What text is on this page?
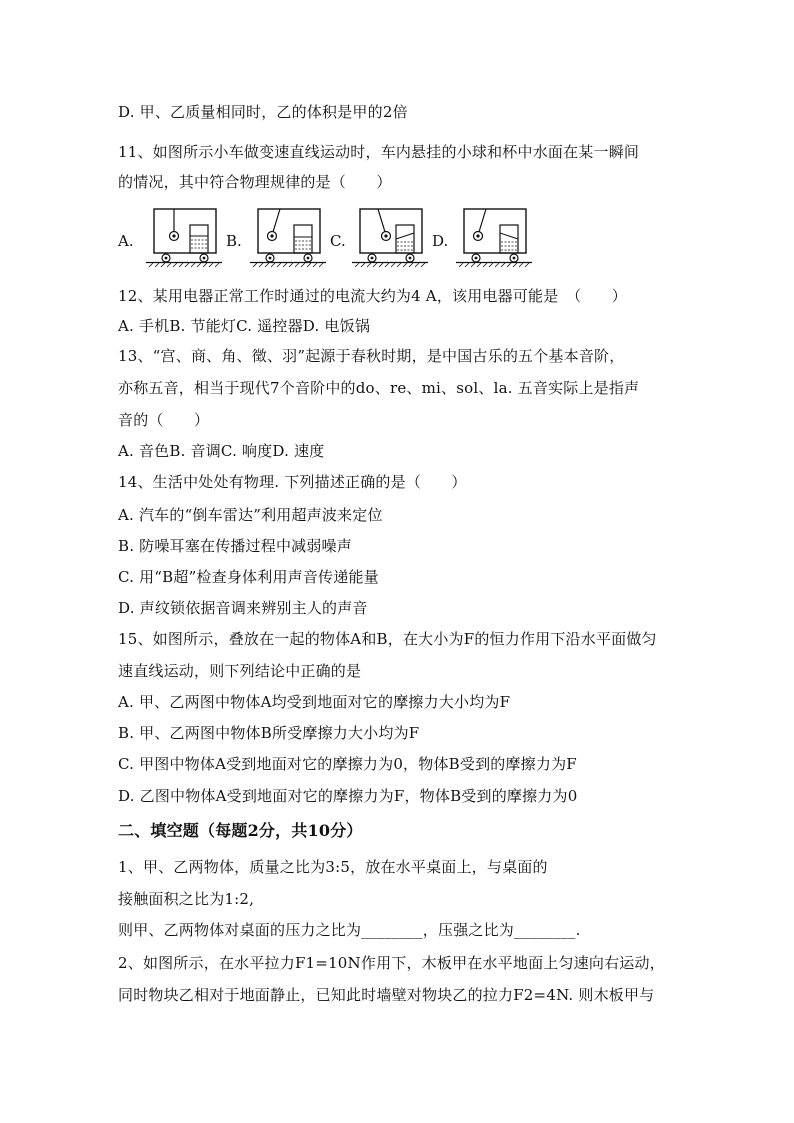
D. 甲、乙质量相同时，乙的体积是甲的2倍
11、如图所示小车做变速直线运动时，车内悬挂的小球和杯中水面在某一瞬间
的情况，其中符合物理规律的是（　　）
A.	B.	C.	D.
12、某用电器正常工作时通过的电流大约为4 A，该用电器可能是　（　　）
A. 手机B. 节能灯C. 遥控器D. 电饭锅
13、“宫、商、角、徵、羽”起源于春秋时期，是中国古乐的五个基本音阶，
亦称五音，相当于现代7个音阶中的do、re、mi、sol、la. 五音实际上是指声
音的（　　）
A. 音色B. 音调C. 响度D. 速度
14、生活中处处有物理. 下列描述正确的是（　　）
A. 汽车的“倒车雷达”利用超声波来定位
B. 防噪耳塞在传播过程中减弱噪声
C. 用“B超”检查身体利用声音传递能量
D. 声纹锁依据音调来辨别主人的声音
15、如图所示，叠放在一起的物体A和B，在大小为F的恒力作用下沿水平面做匀
速直线运动，则下列结论中正确的是
A. 甲、乙两图中物体A均受到地面对它的摩擦力大小均为F
B. 甲、乙两图中物体B所受摩擦力大小均为F
C. 甲图中物体A受到地面对它的摩擦力为0，物体B受到的摩擦力为F
D. 乙图中物体A受到地面对它的摩擦力为F，物体B受到的摩擦力为0
二、填空题（每题2分，共10分）
1、甲、乙两物体，质量之比为3:5，放在水平桌面上，与桌面的
接触面积之比为1:2,
则甲、乙两物体对桌面的压力之比为________，压强之比为________.
2、如图所示，在水平拉力F1=10N作用下，木板甲在水平地面上匀速向右运动，
同时物块乙相对于地面静止，已知此时墙壁对物块乙的拉力F2=4N. 则木板甲与
